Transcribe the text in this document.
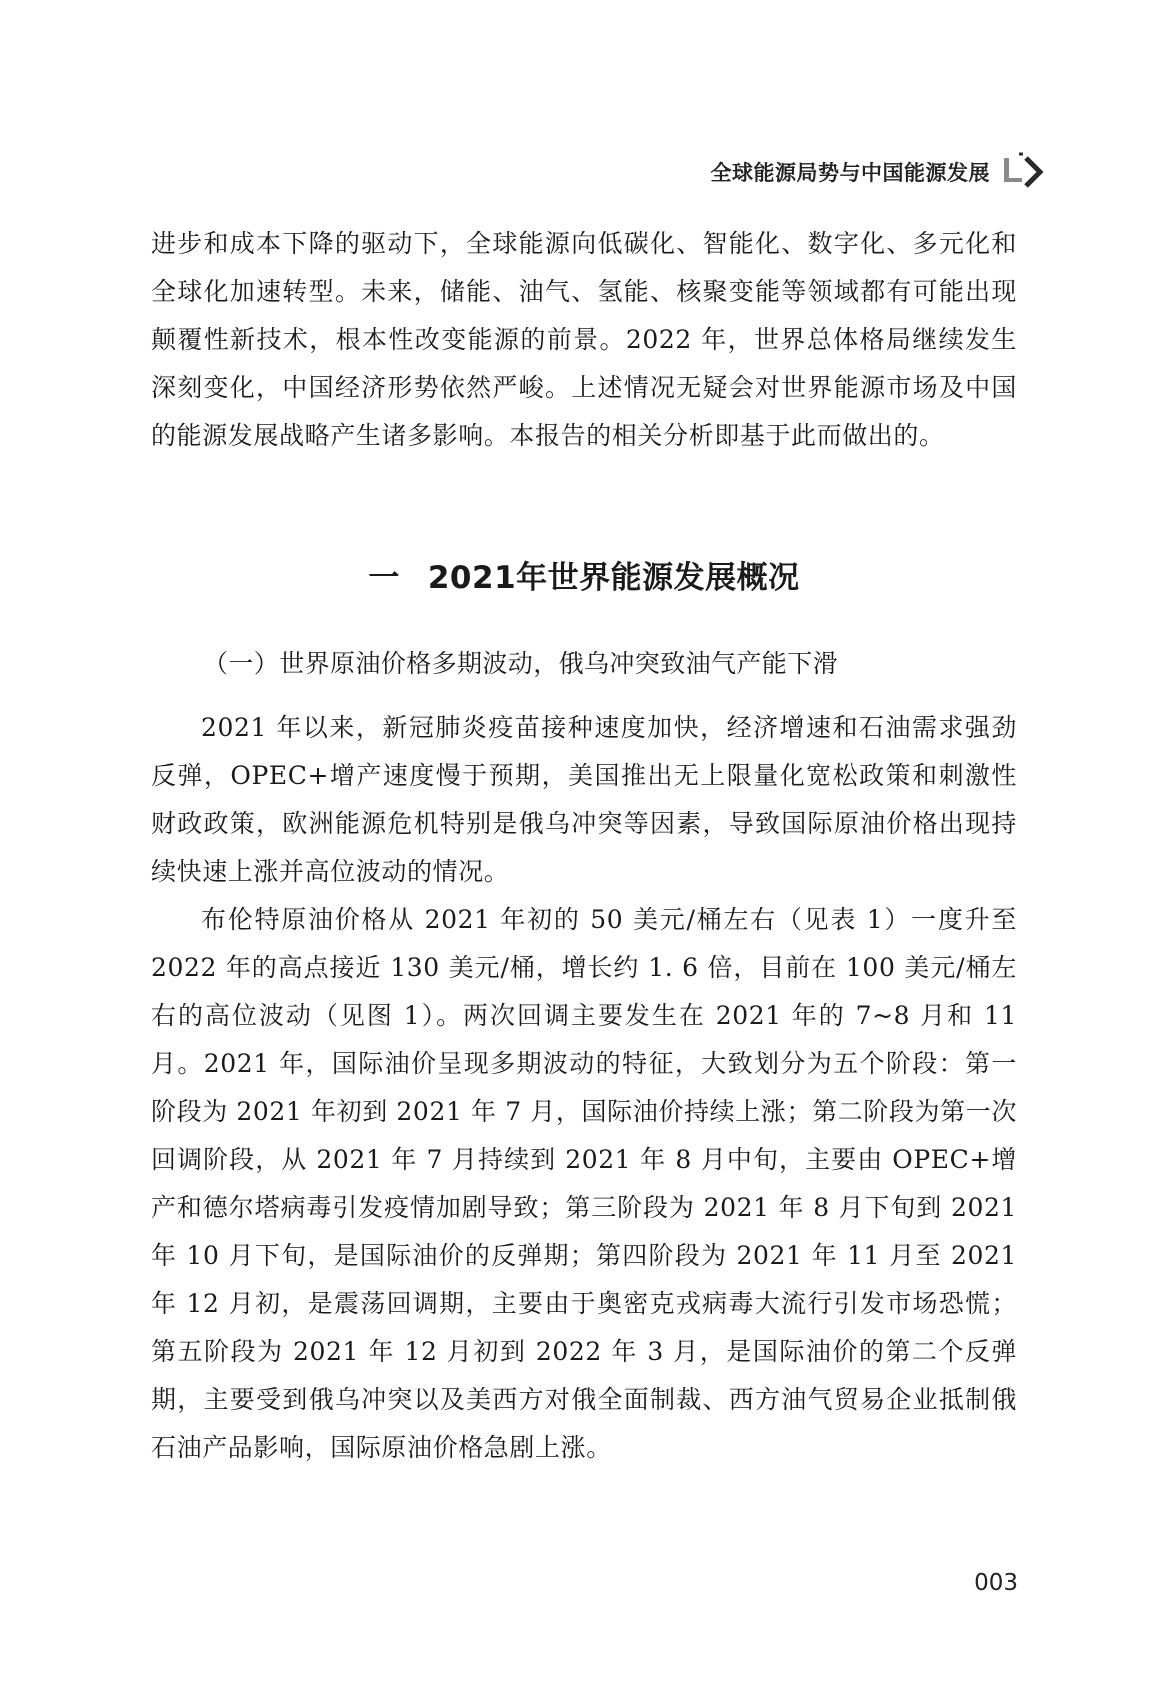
全球能源局势与中国能源发展

进步和成本下降的驱动下，全球能源向低碳化、智能化、数字化、多元化和全球化加速转型。未来，储能、油气、氢能、核聚变能等领域都有可能出现颠覆性新技术，根本性改变能源的前景。2022 年，世界总体格局继续发生深刻变化，中国经济形势依然严峻。上述情况无疑会对世界能源市场及中国的能源发展战略产生诸多影响。本报告的相关分析即基于此而做出的。

一 2021年世界能源发展概况
（一）世界原油价格多期波动，俄乌冲突致油气产能下滑

2021 年以来，新冠肺炎疫苗接种速度加快，经济增速和石油需求强劲反弹，OPEC+增产速度慢于预期，美国推出无上限量化宽松政策和刺激性财政政策，欧洲能源危机特别是俄乌冲突等因素，导致国际原油价格出现持续快速上涨并高位波动的情况。

布伦特原油价格从 2021 年初的 50 美元/桶左右（见表 1）一度升至 2022 年的高点接近 130 美元/桶，增长约 1. 6 倍，目前在 100 美元/桶左右的高位波动（见图 1）。两次回调主要发生在 2021 年的 7~8 月和 11 月。2021 年，国际油价呈现多期波动的特征，大致划分为五个阶段：第一阶段为 2021 年初到 2021 年 7 月，国际油价持续上涨；第二阶段为第一次回调阶段，从 2021 年 7 月持续到 2021 年 8 月中旬，主要由 OPEC+增产和德尔塔病毒引发疫情加剧导致；第三阶段为 2021 年 8 月下旬到 2021 年 10 月下旬，是国际油价的反弹期；第四阶段为 2021 年 11 月至 2021 年 12 月初，是震荡回调期，主要由于奥密克戎病毒大流行引发市场恐慌；第五阶段为 2021 年 12 月初到 2022 年 3 月，是国际油价的第二个反弹期，主要受到俄乌冲突以及美西方对俄全面制裁、西方油气贸易企业抵制俄石油产品影响，国际原油价格急剧上涨。

003
